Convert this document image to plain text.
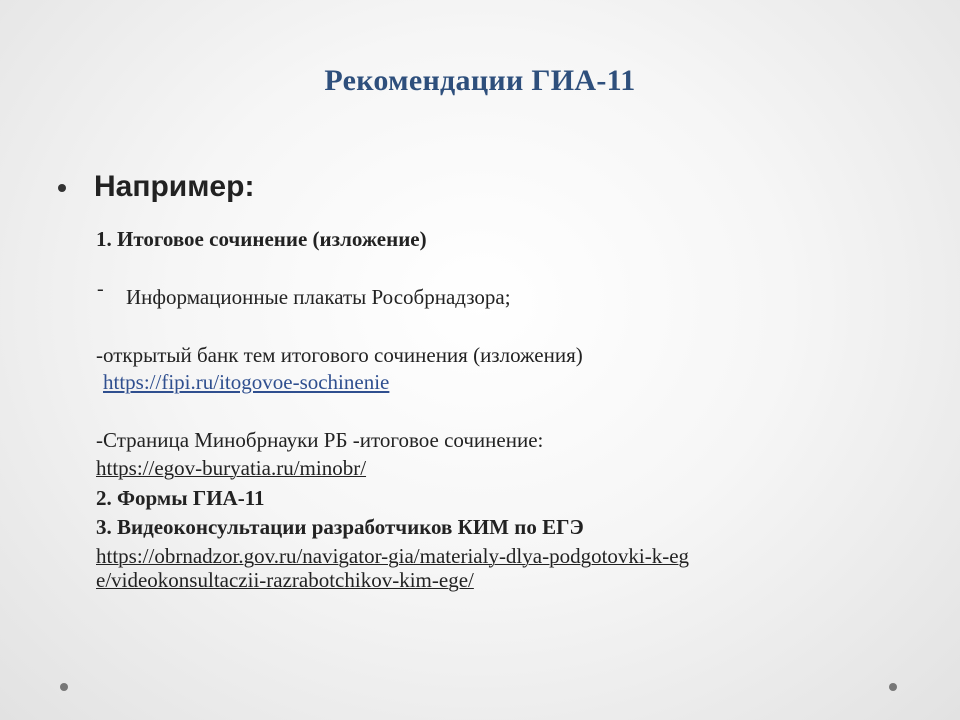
Рекомендации ГИА-11
Например:
1. Итоговое сочинение (изложение)
- Информационные плакаты Рособрнадзора;
-открытый банк тем итогового сочинения (изложения)
https://fipi.ru/itogovoe-sochinenie
-Страница Минобрнауки РБ -итоговое сочинение:
https://egov-buryatia.ru/minobr/
2. Формы ГИА-11
3. Видеоконсультации разработчиков КИМ по ЕГЭ
https://obrnadzor.gov.ru/navigator-gia/materialy-dlya-podgotovki-k-eg
e/videokonsultaczii-razrabotchikov-kim-ege/
